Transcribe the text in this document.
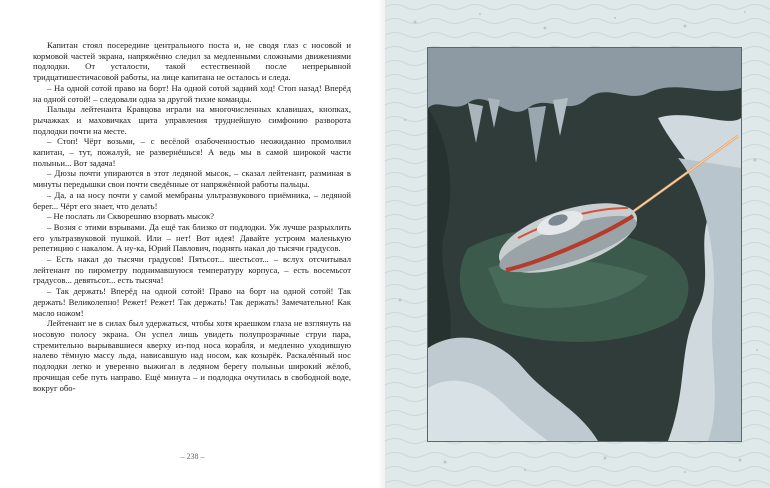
Капитан стоял посередине центрального поста и, не сводя глаз с носовой и кормовой частей экрана, напряжённо следил за медленными сложными движениями подлодки. От усталости, такой естественной после непрерывной тридцатишестичасовой работы, на лице капитана не осталось и следа.

– На одной сотой право на борт! На одной сотой задний ход! Стоп назад! Вперёд на одной сотой! – следовали одна за другой тихие команды.

Пальцы лейтенанта Кравцова играли на многочисленных клавишах, кнопках, рычажках и маховичках щита управления труднейшую симфонию разворота подлодки почти на месте.

– Стоп! Чёрт возьми, – с весёлой озабоченностью неожиданно промолвил капитан, – тут, пожалуй, не развернёшься! А ведь мы в самой широкой части полыньи... Вот задача!

– Дюзы почти упираются в этот ледяной мысок, – сказал лейтенант, разминая в минуты передышки свои почти сведённые от напряжённой работы пальцы.

– Да, а на носу почти у самой мембраны ультразвукового приёмника, – ледяной берег... Чёрт его знает, что делать!

– Не послать ли Скворешню взорвать мысок?

– Возня с этими взрывами. Да ещё так близко от подлодки. Уж лучше разрыхлить его ультразвуковой пушкой. Или – нет! Вот идея! Давайте устроим маленькую репетицию с накалом. А ну-ка, Юрий Павлович, поднять накал до тысячи градусов.

– Есть накал до тысячи градусов! Пятьсот... шестьсот... – вслух отсчитывал лейтенант по пирометру поднимавшуюся температуру корпуса, – есть восемьсот градусов... девятьсот... есть тысяча!

– Так держать! Вперёд на одной сотой! Право на борт на одной сотой! Так держать! Великолепно! Режет! Режет! Так держать! Так держать! Замечательно! Как масло ножом!

Лейтенант не в силах был удержаться, чтобы хотя краешком глаза не взглянуть на носовую полосу экрана. Он успел лишь увидеть полупрозрачные струи пара, стремительно вырывавшиеся кверху из-под носа корабля, и медленно уходившую налево тёмную массу льда, нависавшую над носом, как козырёк. Раскалённый нос подлодки легко и уверенно выжигал в ледяном берегу полыньи широкий жёлоб, прочищая себе путь направо. Ещё минута – и подлодка очутилась в свободной воде, вокруг обо-

– 238 –
